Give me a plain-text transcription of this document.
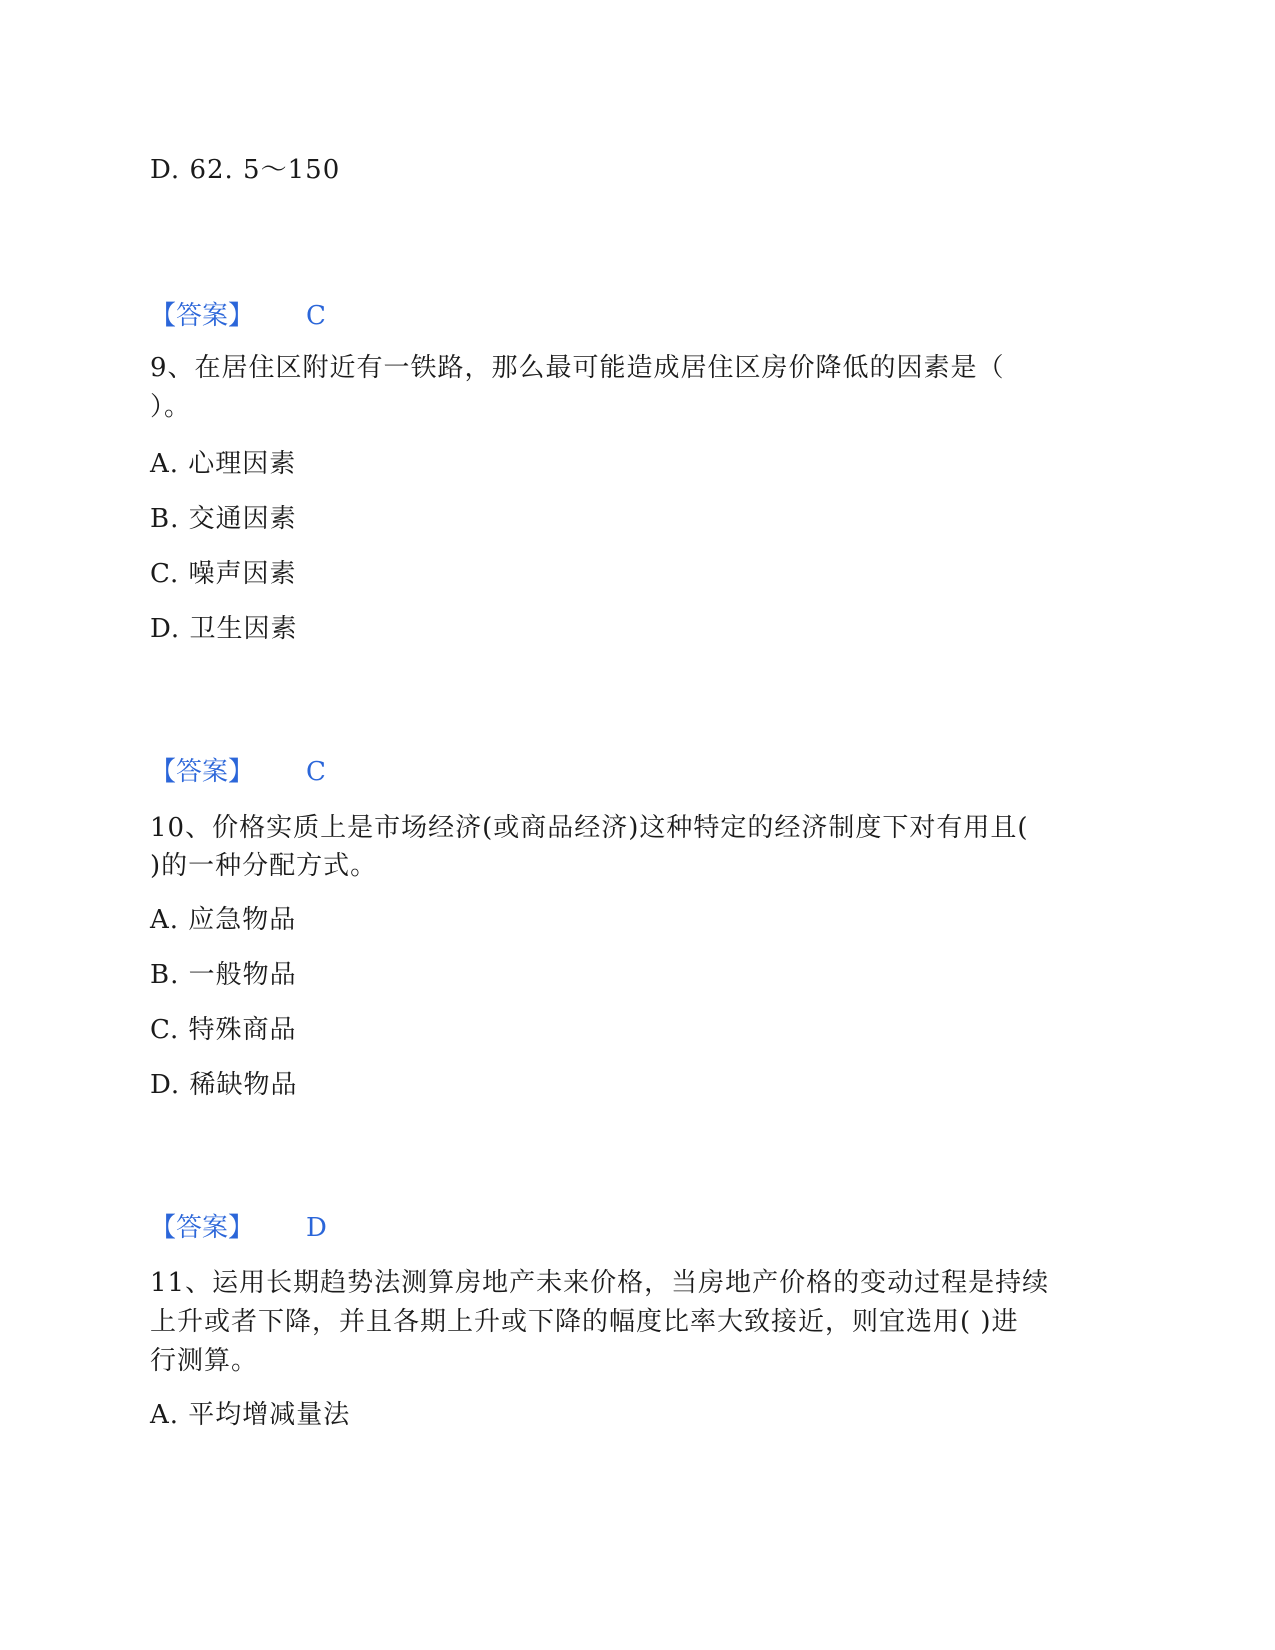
D. 62. 5～150
【答案】 C
9、在居住区附近有一铁路，那么最可能造成居住区房价降低的因素是（
）。
A. 心理因素
B. 交通因素
C. 噪声因素
D. 卫生因素
【答案】 C
10、价格实质上是市场经济(或商品经济)这种特定的经济制度下对有用且(
)的一种分配方式。
A. 应急物品
B. 一般物品
C. 特殊商品
D. 稀缺物品
【答案】 D
11、运用长期趋势法测算房地产未来价格，当房地产价格的变动过程是持续
上升或者下降，并且各期上升或下降的幅度比率大致接近，则宜选用( )进
行测算。
A. 平均增减量法
